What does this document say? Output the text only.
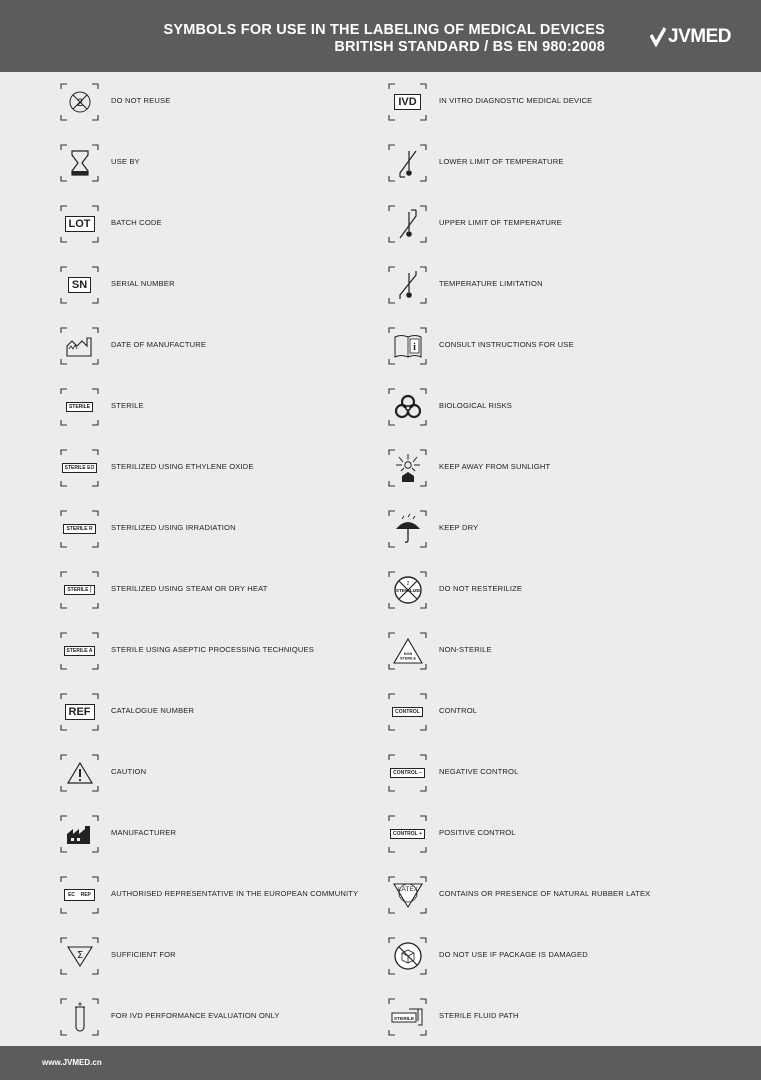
SYMBOLS FOR USE IN THE LABELING OF MEDICAL DEVICES
BRITISH STANDARD / BS EN 980:2008	JVMED
2	DO NOT REUSE
USE BY
LOT	BATCH CODE
SN	SERIAL NUMBER
DATE OF MANUFACTURE
STERILE	STERILE
STERILE EO	STERILIZED USING ETHYLENE OXIDE
STERILE R	STERILIZED USING IRRADIATION
STERILE |	STERILIZED USING STEAM OR DRY HEAT
STERILE A	STERILE USING ASEPTIC PROCESSING TECHNIQUES
REF	CATALOGUE NUMBER
CAUTION
MANUFACTURER
EC    REP	AUTHORISED REPRESENTATIVE IN THE EUROPEAN COMMUNITY
Σ	SUFFICIENT FOR
FOR IVD PERFORMANCE EVALUATION ONLY
IVD	IN VITRO DIAGNOSTIC MEDICAL DEVICE
LOWER LIMIT OF TEMPERATURE
UPPER LIMIT OF TEMPERATURE
TEMPERATURE LIMITATION
i	CONSULT INSTRUCTIONS FOR USE
BIOLOGICAL RISKS
KEEP AWAY FROM SUNLIGHT
KEEP DRY
STERILIZE
2	DO NOT RESTERILIZE
NON
STERILE
NON-STERILE
CONTROL	CONTROL
CONTROL –	NEGATIVE CONTROL
CONTROL +	POSITIVE CONTROL
LATEX	CONTAINS OR PRESENCE OF NATURAL RUBBER LATEX
DO NOT USE IF PACKAGE IS DAMAGED
STERILE	STERILE FLUID PATH
www.JVMED.cn
